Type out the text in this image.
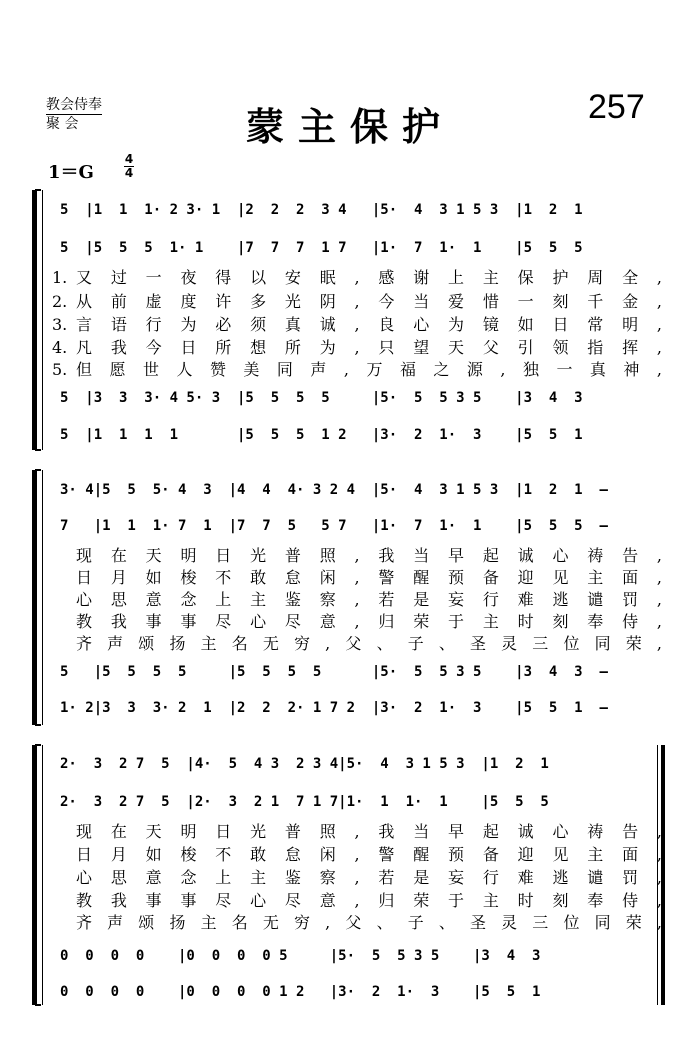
教会侍奉
聚 会	蒙主保护	257
1＝G
4
4
5  |1  1  1· 2 3· 1  |2  2  2  3 4   |5·  4  3 1 5 3  |1  2  1
5  |5  5  5  1· 1    |7  7  7  1 7   |1·  7  1·  1    |5  5  5
1. 又过一夜得以安眠,感谢上主保护周全,
2. 从前虚度许多光阴,今当爱惜一刻千金,
3. 言语行为必须真诚,良心为镜如日常明,
4. 凡我今日所想所为,只望天父引领指挥,
5. 但愿世人赞美同声,万福之源,独一真神,
5  |3  3  3· 4 5· 3  |5  5  5  5     |5·  5  5 3 5    |3  4  3
5  |1  1  1  1       |5  5  5  1 2   |3·  2  1·  3    |5  5  1
3· 4|5  5  5· 4  3  |4  4  4· 3 2 4  |5·  4  3 1 5 3  |1  2  1  –
7   |1  1  1· 7  1  |7  7  5   5 7   |1·  7  1·  1    |5  5  5  –
现在天明日光普照,我当早起诚心祷告,
日月如梭不敢怠闲,警醒预备迎见主面,
心思意念上主鉴察,若是妄行难逃谴罚,
教我事事尽心尽意,归荣于主时刻奉侍,
齐声颂扬主名无穷,父、子、圣灵三位同荣,
5   |5  5  5  5     |5  5  5  5      |5·  5  5 3 5    |3  4  3  –
1· 2|3  3  3· 2  1  |2  2  2· 1 7 2  |3·  2  1·  3    |5  5  1  –
2·  3  2 7  5  |4·  5  4 3  2 3 4|5·  4  3 1 5 3  |1  2  1
2·  3  2 7  5  |2·  3  2 1  7 1 7|1·  1  1·  1    |5  5  5
现在天明日光普照,我当早起诚心祷告,
日月如梭不敢怠闲,警醒预备迎见主面,
心思意念上主鉴察,若是妄行难逃谴罚,
教我事事尽心尽意,归荣于主时刻奉侍,
齐声颂扬主名无穷,父、子、圣灵三位同荣,
0  0  0  0    |0  0  0  0 5     |5·  5  5 3 5    |3  4  3
0  0  0  0    |0  0  0  0 1 2   |3·  2  1·  3    |5  5  1
